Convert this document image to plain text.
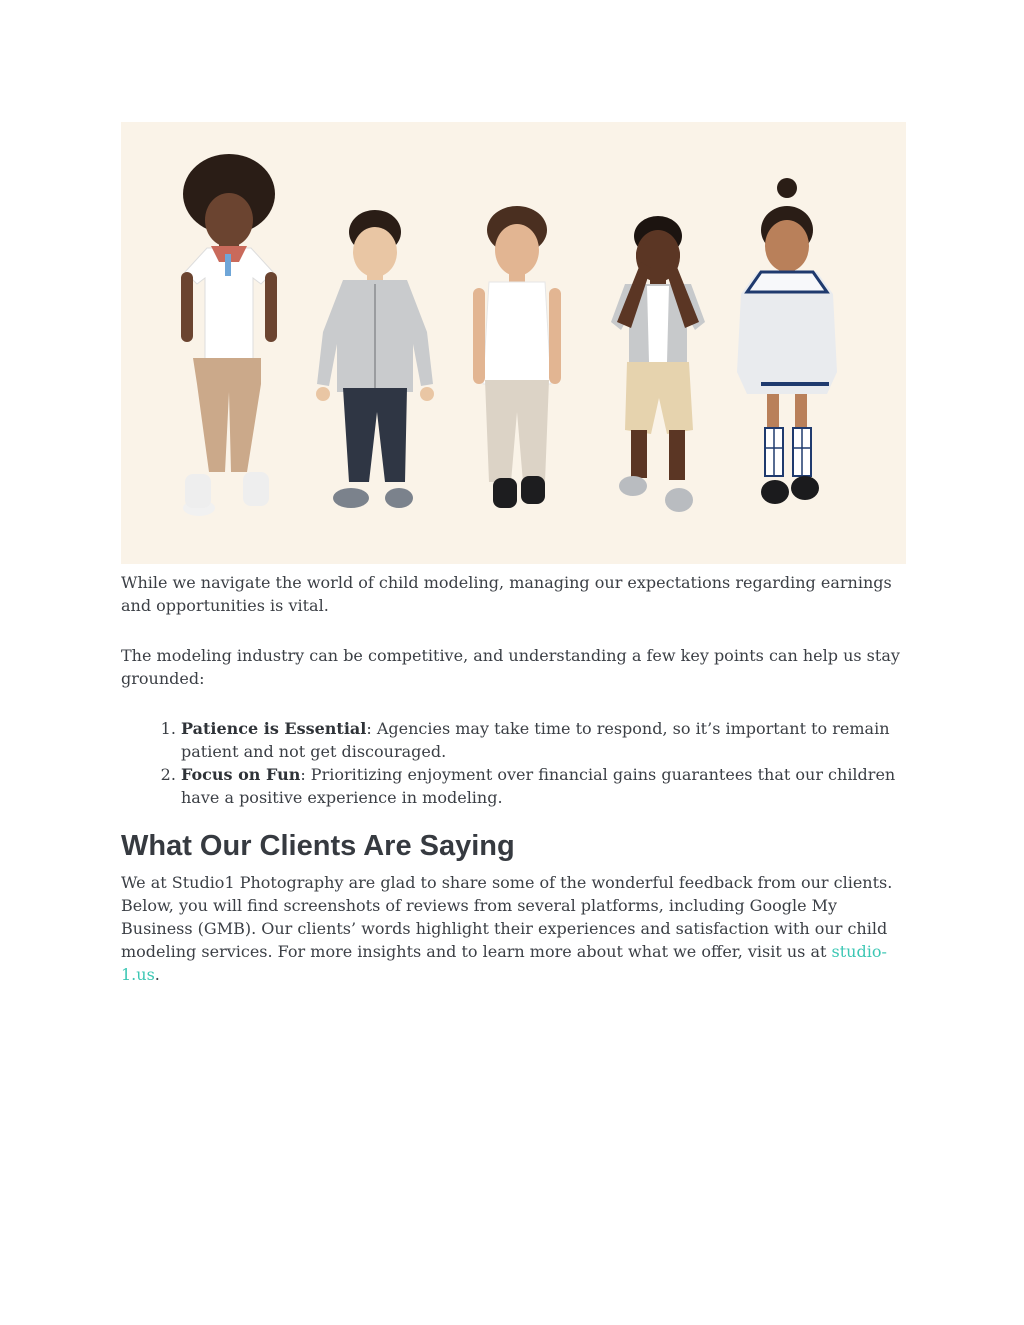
While we navigate the world of child modeling, managing our expectations regarding earnings and opportunities is vital.

The modeling industry can be competitive, and understanding a few key points can help us stay grounded:

1. Patience is Essential: Agencies may take time to respond, so it’s important to remain patient and not get discouraged.
2. Focus on Fun: Prioritizing enjoyment over financial gains guarantees that our children have a positive experience in modeling.
What Our Clients Are Saying

We at Studio1 Photography are glad to share some of the wonderful feedback from our clients. Below, you will find screenshots of reviews from several platforms, including Google My Business (GMB). Our clients’ words highlight their experiences and satisfaction with our child modeling services. For more insights and to learn more about what we offer, visit us at studio-1.us.
